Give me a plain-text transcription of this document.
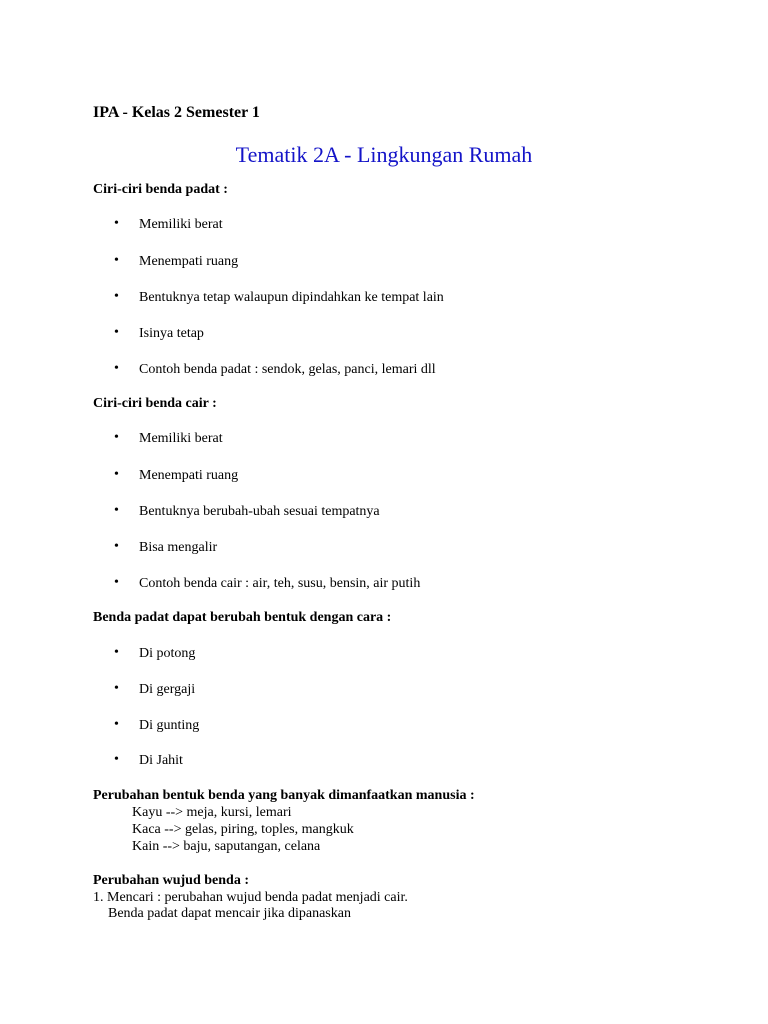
IPA - Kelas 2 Semester 1
Tematik 2A - Lingkungan Rumah
Ciri-ciri benda padat :
• Memiliki berat
• Menempati ruang
• Bentuknya tetap walaupun dipindahkan ke tempat lain
• Isinya tetap
• Contoh benda padat : sendok, gelas, panci, lemari dll
Ciri-ciri benda cair :
• Memiliki berat
• Menempati ruang
• Bentuknya berubah-ubah sesuai tempatnya
• Bisa mengalir
• Contoh benda cair : air, teh, susu, bensin, air putih
Benda padat dapat berubah bentuk dengan cara :
• Di potong
• Di gergaji
• Di gunting
• Di Jahit
Perubahan bentuk benda yang banyak dimanfaatkan manusia :
Kayu --> meja, kursi, lemari
Kaca --> gelas, piring, toples, mangkuk
Kain --> baju, saputangan, celana
Perubahan wujud benda :
1. Mencari : perubahan wujud benda padat menjadi cair.
Benda padat dapat mencair jika dipanaskan
